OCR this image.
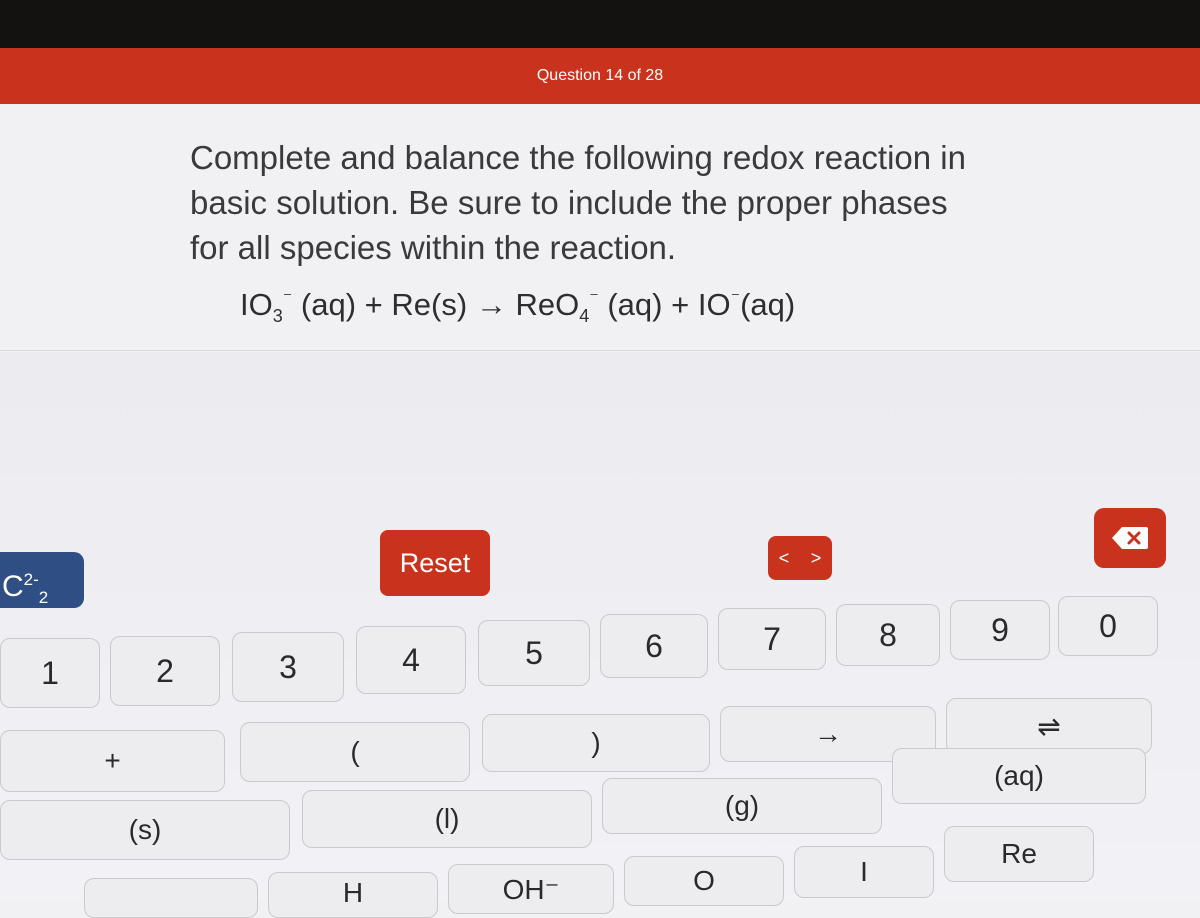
Question 14 of 28
Complete and balance the following redox reaction in basic solution. Be sure to include the proper phases for all species within the reaction.
$IO_3^{^-}$ (aq) + Re(s) → ReO$_4$⁻ (aq) + IO⁻(aq)
$C^{2-}_2$
Reset	<	>
1	2	3	4	5	6	7	8	9	0
+	(	)	→	⇌
(s)	(l)	(g)
(aq)
H	OH⁻	O	I
Re
